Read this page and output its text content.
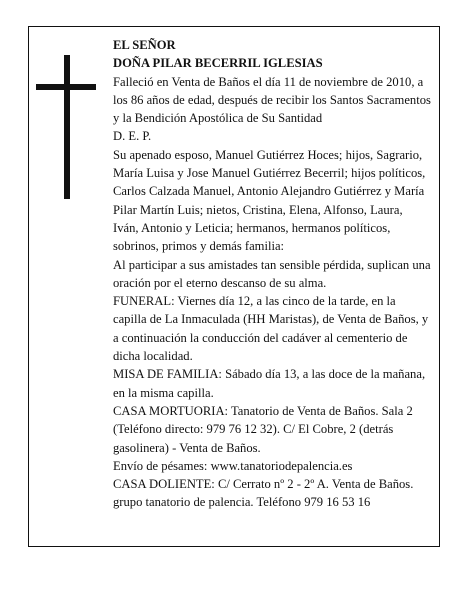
EL SEÑOR

DOÑA PILAR BECERRIL IGLESIAS

Falleció en Venta de Baños el día 11 de noviembre de 2010, a los 86 años de edad, después de recibir los Santos Sacramentos y la Bendición Apostólica de Su Santidad

D. E. P.

Su apenado esposo, Manuel Gutiérrez Hoces; hijos, Sagrario, María Luisa y Jose Manuel Gutiérrez Becerril; hijos políticos, Carlos Calzada Manuel, Antonio Alejandro Gutiérrez y María Pilar Martín Luis; nietos, Cristina, Elena, Alfonso, Laura, Iván, Antonio y Leticia; hermanos, hermanos políticos, sobrinos, primos y demás familia:

Al participar a sus amistades tan sensible pérdida, suplican una oración por el eterno descanso de su alma.

FUNERAL: Viernes día 12, a las cinco de la tarde, en la capilla de La Inmaculada (HH Maristas), de Venta de Baños, y a continuación la conducción del cadáver al cementerio de dicha localidad.

MISA DE FAMILIA: Sábado día 13, a las doce de la mañana, en la misma capilla.

CASA MORTUORIA: Tanatorio de Venta de Baños. Sala 2 (Teléfono directo: 979 76 12 32). C/ El Cobre, 2 (detrás gasolinera) - Venta de Baños.

Envío de pésames: www.tanatoriodepalencia.es

CASA DOLIENTE: C/ Cerrato nº 2 - 2º A. Venta de Baños.

grupo tanatorio de palencia. Teléfono 979 16 53 16
